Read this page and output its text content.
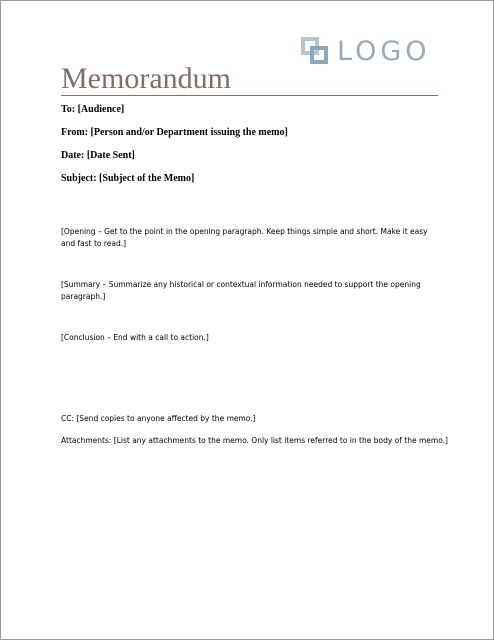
LOGO
Memorandum
To: [Audience]
From: [Person and/or Department issuing the memo]
Date: [Date Sent]
Subject: [Subject of the Memo]
[Opening – Get to the point in the opening paragraph. Keep things simple and short. Make it easy and fast to read.]
[Summary – Summarize any historical or contextual information needed to support the opening paragraph.]
[Conclusion – End with a call to action.]
CC: [Send copies to anyone affected by the memo.]
Attachments: [List any attachments to the memo. Only list items referred to in the body of the memo.]
